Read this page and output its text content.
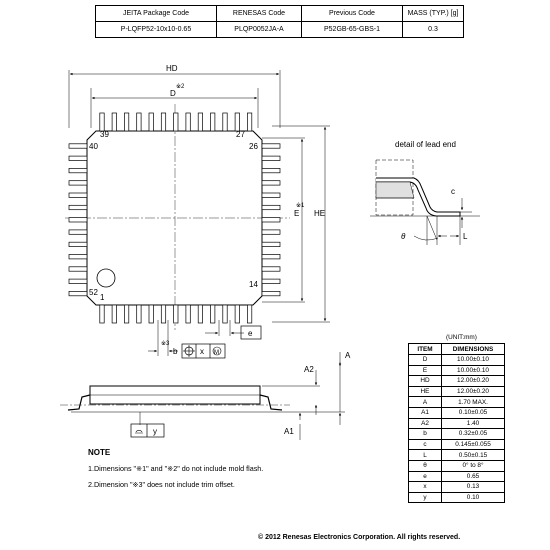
JEITA Package Code	RENESAS Code	Previous Code	MASS (TYP.) [g]
P-LQFP52-10x10-0.65	PLQP0052JA-A	P52GB-65-GBS-1	0.3
HD
※2
D
HE
E
※1
39	27
40	26
52
1
14
e
※3
b	x M	A
A2
A1
y
detail of lead end
c
θ	L
NOTE
1.Dimensions "※1" and "※2" do not include mold flash.
2.Dimension "※3" does not include trim offset.
(UNIT:mm)
ITEM	DIMENSIONS
D	10.00±0.10
E	10.00±0.10
HD	12.00±0.20
HE	12.00±0.20
A	1.70 MAX.
A1	0.10±0.05
A2	1.40
b	0.32±0.05
c	0.145±0.055
L	0.50±0.15
θ	0° to 8°
e	0.65
x	0.13
y	0.10
© 2012 Renesas Electronics Corporation. All rights reserved.
